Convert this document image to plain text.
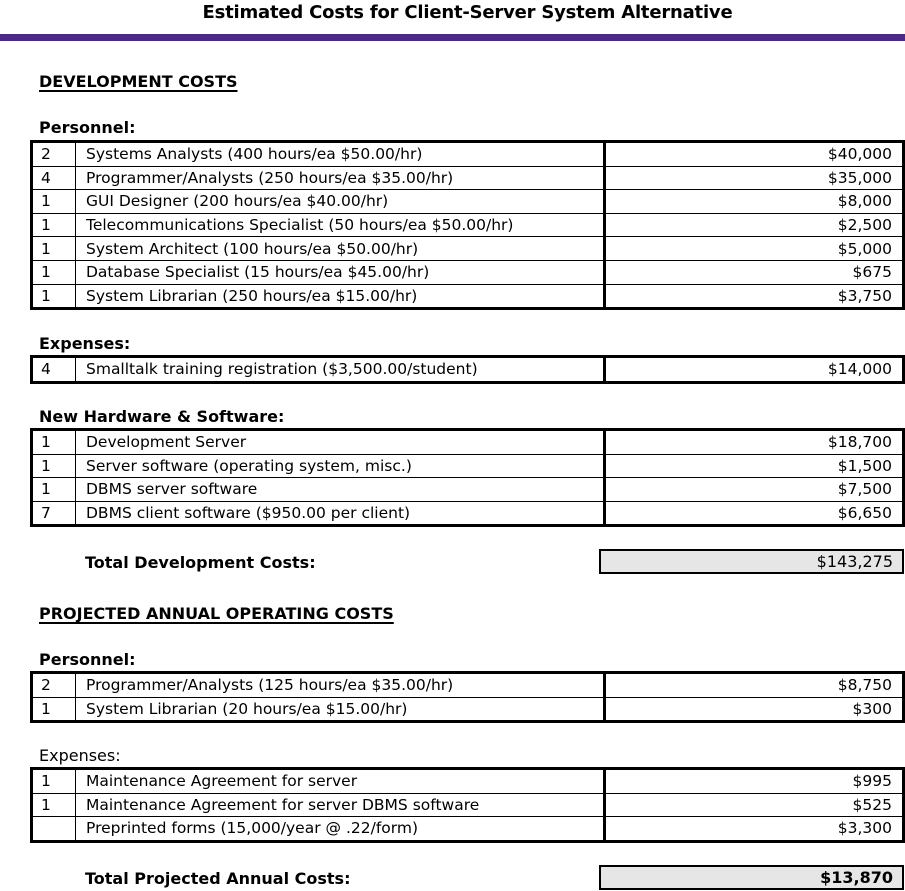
Estimated Costs for Client-Server System Alternative
DEVELOPMENT COSTS
Personnel:
2	Systems Analysts (400 hours/ea $50.00/hr)	$40,000
4	Programmer/Analysts (250 hours/ea $35.00/hr)	$35,000
1	GUI Designer (200 hours/ea $40.00/hr)	$8,000
1	Telecommunications Specialist (50 hours/ea $50.00/hr)	$2,500
1	System Architect (100 hours/ea $50.00/hr)	$5,000
1	Database Specialist (15 hours/ea $45.00/hr)	$675
1	System Librarian (250 hours/ea $15.00/hr)	$3,750
Expenses:
4	Smalltalk training registration ($3,500.00/student)	$14,000
New Hardware & Software:
1	Development Server	$18,700
1	Server software (operating system, misc.)	$1,500
1	DBMS server software	$7,500
7	DBMS client software ($950.00 per client)	$6,650
Total Development Costs:	$143,275
PROJECTED ANNUAL OPERATING COSTS
Personnel:
2	Programmer/Analysts (125 hours/ea $35.00/hr)	$8,750
1	System Librarian (20 hours/ea $15.00/hr)	$300
Expenses:
1	Maintenance Agreement for server	$995
1	Maintenance Agreement for server DBMS software	$525
	Preprinted forms (15,000/year @ .22/form)	$3,300
Total Projected Annual Costs:	$13,870
